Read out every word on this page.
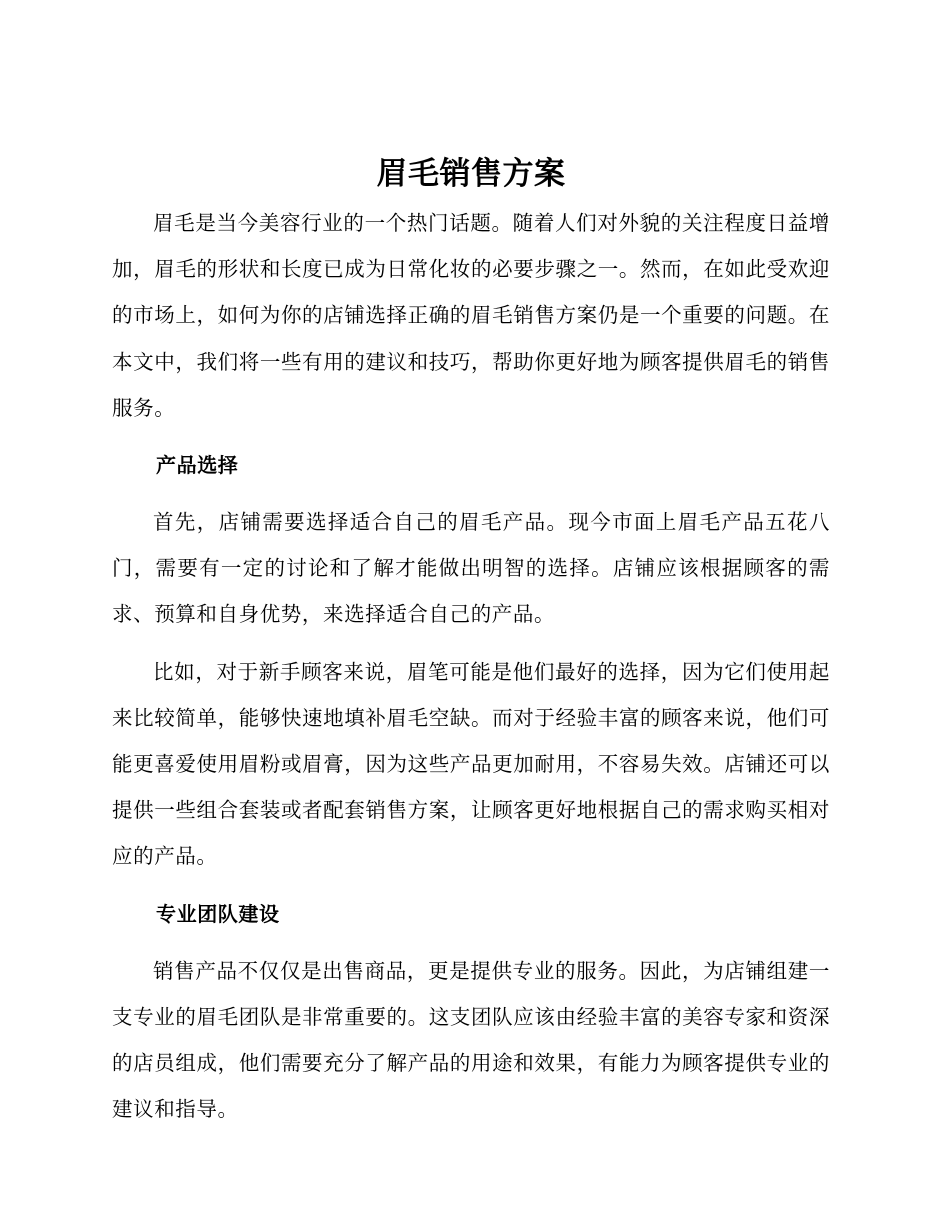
眉毛销售方案

眉毛是当今美容行业的一个热门话题。随着人们对外貌的关注程度日益增加，眉毛的形状和长度已成为日常化妆的必要步骤之一。然而，在如此受欢迎的市场上，如何为你的店铺选择正确的眉毛销售方案仍是一个重要的问题。在本文中，我们将一些有用的建议和技巧，帮助你更好地为顾客提供眉毛的销售服务。

产品选择

首先，店铺需要选择适合自己的眉毛产品。现今市面上眉毛产品五花八门，需要有一定的讨论和了解才能做出明智的选择。店铺应该根据顾客的需求、预算和自身优势，来选择适合自己的产品。

比如，对于新手顾客来说，眉笔可能是他们最好的选择，因为它们使用起来比较简单，能够快速地填补眉毛空缺。而对于经验丰富的顾客来说，他们可能更喜爱使用眉粉或眉膏，因为这些产品更加耐用，不容易失效。店铺还可以提供一些组合套装或者配套销售方案，让顾客更好地根据自己的需求购买相对应的产品。

专业团队建设

销售产品不仅仅是出售商品，更是提供专业的服务。因此，为店铺组建一支专业的眉毛团队是非常重要的。这支团队应该由经验丰富的美容专家和资深的店员组成，他们需要充分了解产品的用途和效果，有能力为顾客提供专业的建议和指导。
